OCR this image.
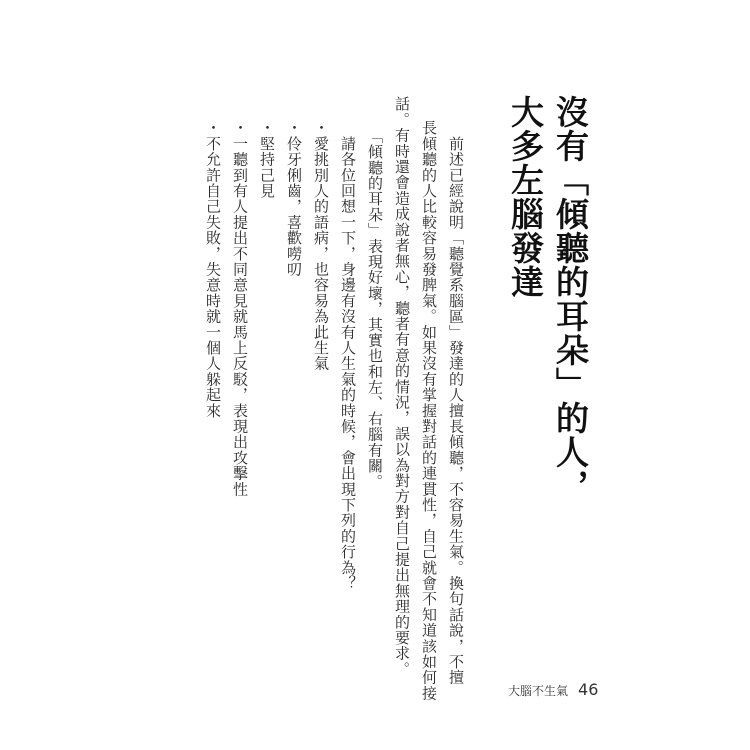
沒有「傾聽的耳朵」的人，
大多左腦發達
　前述已經說明「聽覺系腦區」發達的人擅長傾聽，不容易生氣。換句話說，不擅
長傾聽的人比較容易發脾氣。如果沒有掌握對話的連貫性，自己就會不知道該如何接
話。有時還會造成說者無心，聽者有意的情況，誤以為對方對自己提出無理的要求。
　「傾聽的耳朵」表現好壞，其實也和左、右腦有關。
　請各位回想一下，身邊有沒有人生氣的時候，會出現下列的行為？
・愛挑別人的語病，也容易為此生氣
・伶牙俐齒，喜歡嘮叨
・堅持己見
・一聽到有人提出不同意見就馬上反駁，表現出攻擊性
・不允許自己失敗，失意時就一個人躲起來
大腦不生氣 46
